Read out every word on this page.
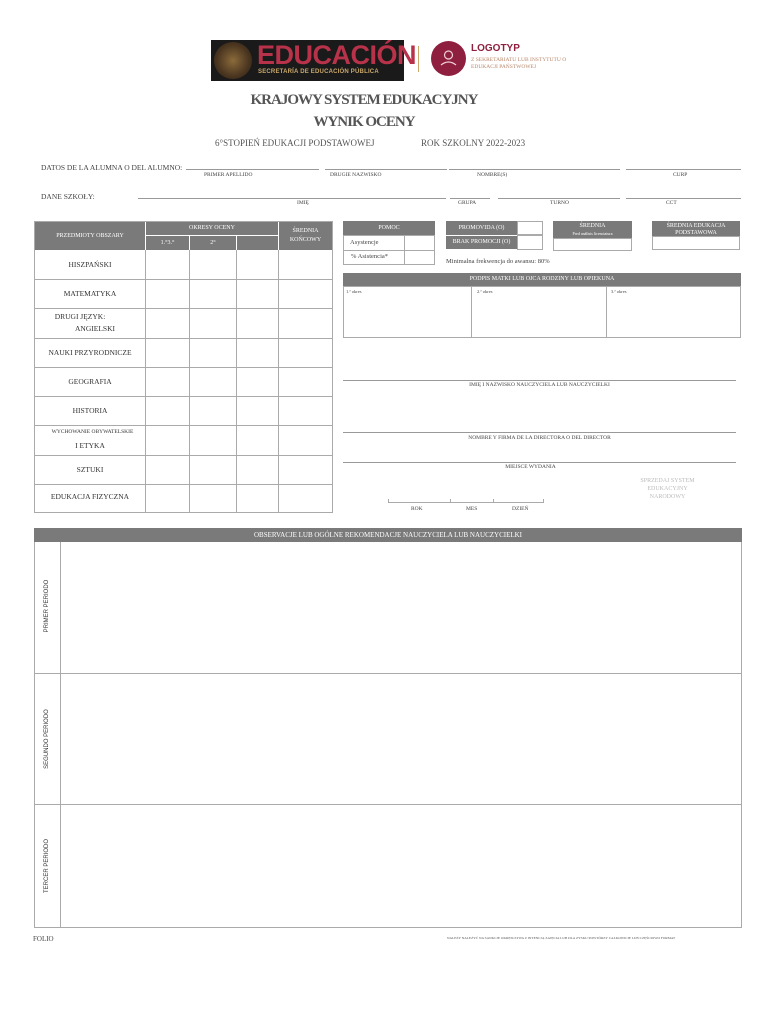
EDUCACIÓN
SECRETARÍA DE EDUCACIÓN PÚBLICA
LOGOTYP
Z SEKRETARIATU LUB INSTYTUTU O EDUKACJI PAŃSTWOWEJ
KRAJOWY SYSTEM EDUKACYJNY
WYNIK OCENY
6°STOPIEŃ EDUKACJI PODSTAWOWEJ	ROK SZKOLNY 2022-2023
DATOS DE LA ALUMNA O DEL ALUMNO:
PRIMER APELLIDO	DRUGIE NAZWISKO	NOMBRE(S)	CURP
DANE SZKOŁY:
IMIĘ	GRUPA	TURNO	CCT
PRZEDMIOTY OBSZARY
OKRESY OCENY
1.°3.°	2°
ŚREDNIA KOŃCOWY
HISZPAŃSKI
MATEMATYKA
DRUGI JĘZYK:
ANGIELSKI
NAUKI PRZYRODNICZE
GEOGRAFIA
HISTORIA
WYCHOWANIE OBYWATELSKIE
I ETYKA
SZTUKI
EDUKACJA FIZYCZNA
POMOC
Asystencje
% Asistencia*
PROMOVIDA (O)
BRAK PROMOCJI (O)
ŚREDNIA
Pred análisis licenciatura
ŚREDNIA EDUKACJA PODSTAWOWA
Minimalna frekwencja do awansu: 80%
PODPIS MATKI LUB OJCA RODZINY LUB OPIEKUNA
1.ª okres	2.ª okres	3.ª okres
IMIĘ I NAZWISKO NAUCZYCIELA LUB NAUCZYCIELKI
NOMBRE Y FIRMA DE LA DIRECTORA O DEL DIRECTOR
MIEJSCE WYDANIA
ROK	MES	DZIEŃ
SPRZEDAJ SYSTEM EDUKACYJNY NARODOWY
OBSERVACJE LUB OGÓLNE REKOMENDACJE NAUCZYCIELA LUB NAUCZYCIELKI
PRIMER PERIODO
SEGUNDO PERIODO
TERCER PERIODO
FOLIO	NALEŻY NALEŻYĆ NA SANKCJE OKRĘSLSTWA Z INTENCJĄ ZAJĘCIA LUB DLA ZYSKU POWTÓRZY CAŁKOWICIE LUB CZĘŚCIOWO FORMAT
